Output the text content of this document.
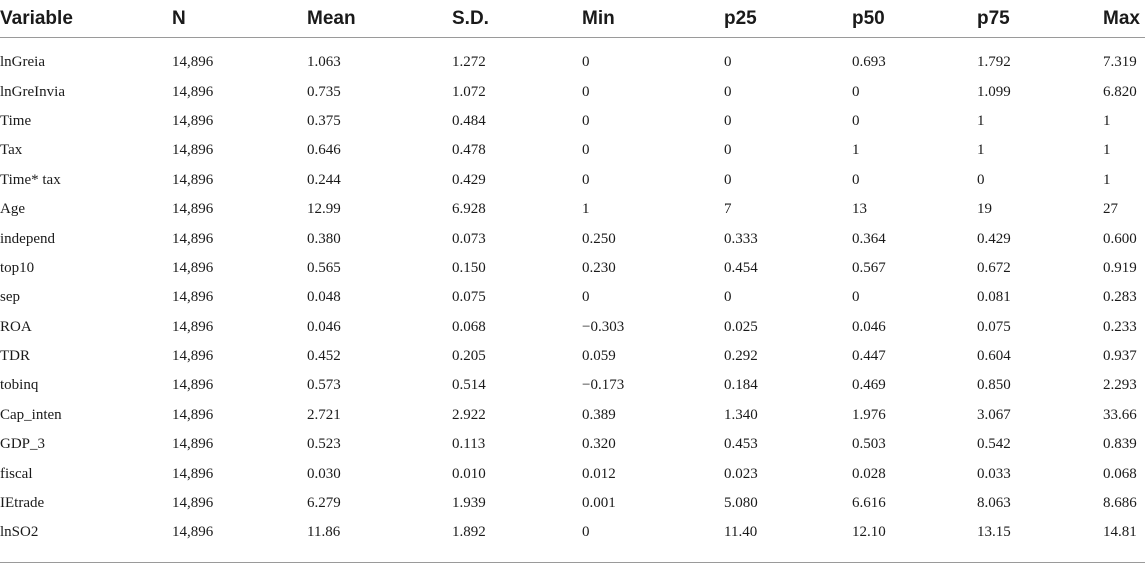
Variable	N	Mean	S.D.	Min	p25	p50	p75	Max
lnGreia	14,896	1.063	1.272	0	0	0.693	1.792	7.319
lnGreInvia	14,896	0.735	1.072	0	0	0	1.099	6.820
Time	14,896	0.375	0.484	0	0	0	1	1
Tax	14,896	0.646	0.478	0	0	1	1	1
Time* tax	14,896	0.244	0.429	0	0	0	0	1
Age	14,896	12.99	6.928	1	7	13	19	27
independ	14,896	0.380	0.073	0.250	0.333	0.364	0.429	0.600
top10	14,896	0.565	0.150	0.230	0.454	0.567	0.672	0.919
sep	14,896	0.048	0.075	0	0	0	0.081	0.283
ROA	14,896	0.046	0.068	−0.303	0.025	0.046	0.075	0.233
TDR	14,896	0.452	0.205	0.059	0.292	0.447	0.604	0.937
tobinq	14,896	0.573	0.514	−0.173	0.184	0.469	0.850	2.293
Cap_inten	14,896	2.721	2.922	0.389	1.340	1.976	3.067	33.66
GDP_3	14,896	0.523	0.113	0.320	0.453	0.503	0.542	0.839
fiscal	14,896	0.030	0.010	0.012	0.023	0.028	0.033	0.068
IEtrade	14,896	6.279	1.939	0.001	5.080	6.616	8.063	8.686
lnSO2	14,896	11.86	1.892	0	11.40	12.10	13.15	14.81
